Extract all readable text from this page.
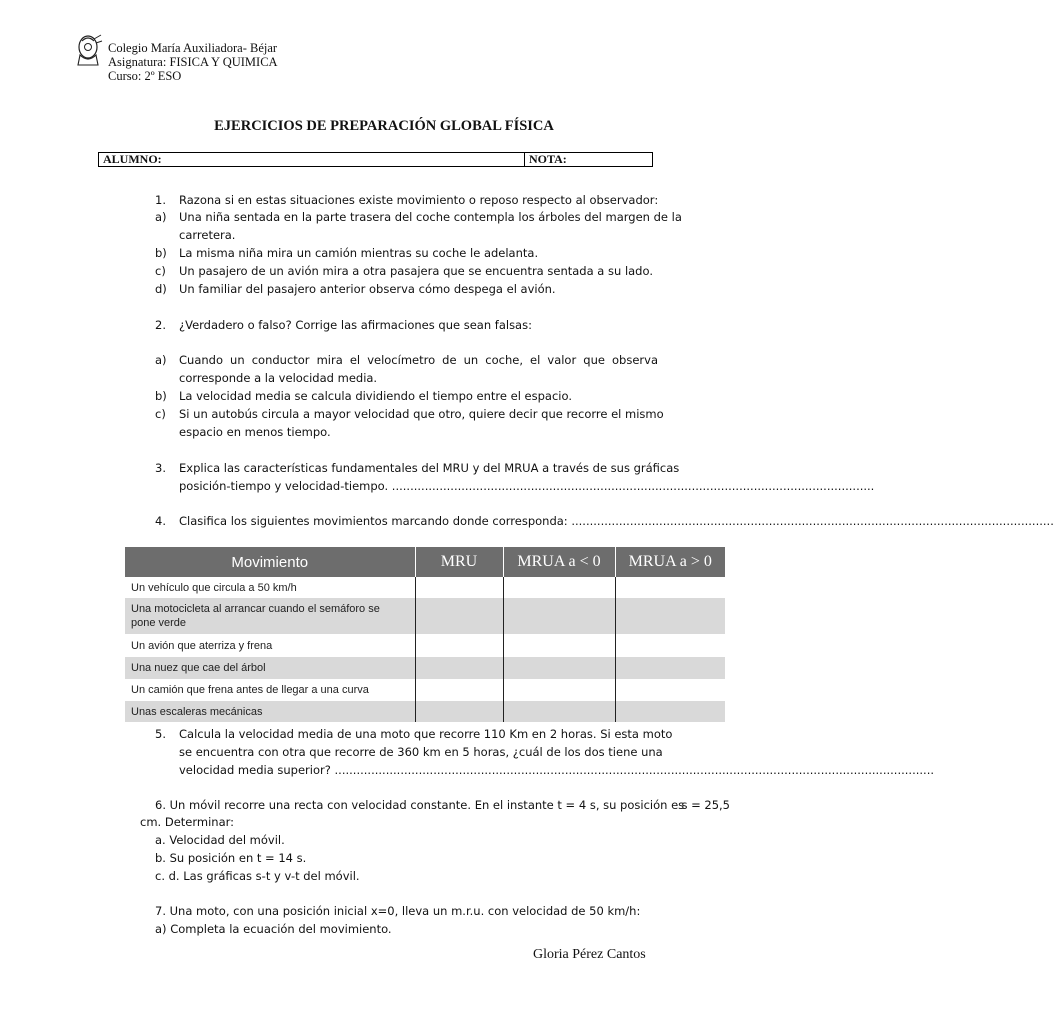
Colegio María Auxiliadora- Béjar
Asignatura: FISICA Y QUIMICA
Curso: 2º ESO
EJERCICIOS DE PREPARACIÓN GLOBAL FÍSICA
ALUMNO:	NOTA:
1. Razona si en estas situaciones existe movimiento o reposo respecto al observador:
a) Una niña sentada en la parte trasera del coche contempla los árboles del margen de la
carretera.
b) La misma niña mira un camión mientras su coche le adelanta.
c) Un pasajero de un avión mira a otra pasajera que se encuentra sentada a su lado.
d) Un familiar del pasajero anterior observa cómo despega el avión.
2. ¿Verdadero o falso? Corrige las afirmaciones que sean falsas:
a) Cuando un conductor mira el velocímetro de un coche, el valor que observa
corresponde a la velocidad media.
b) La velocidad media se calcula dividiendo el tiempo entre el espacio.
c) Si un autobús circula a mayor velocidad que otro, quiere decir que recorre el mismo
espacio en menos tiempo.
3. Explica las características fundamentales del MRU y del MRUA a través de sus gráficas
posición-tiempo y velocidad-tiempo. ....................................................................................................................................
4. Clasifica los siguientes movimientos marcando donde corresponda: ....................................................................................................................................
Movimiento	MRU	MRUA a < 0	MRUA a > 0
Un vehículo que circula a 50 km/h			
Una motocicleta al arrancar cuando el semáforo se
pone verde			
Un avión que aterriza y frena			
Una nuez que cae del árbol			
Un camión que frena antes de llegar a una curva			
Unas escaleras mecánicas			
5. Calcula la velocidad media de una moto que recorre 110 Km en 2 horas. Si esta moto
se encuentra con otra que recorre de 360 km en 5 horas, ¿cuál de los dos tiene una
velocidad media superior? ....................................................................................................................................................................
6. Un móvil recorre una recta con velocidad constante. En el instante t = 4 s, su posición es
s = 25,5
cm. Determinar:
a. Velocidad del móvil.
b. Su posición en t = 14 s.
c. d. Las gráficas s-t y v-t del móvil.
7. Una moto, con una posición inicial x=0, lleva un m.r.u. con velocidad de 50 km/h:
a) Completa la ecuación del movimiento.
Gloria Pérez Cantos
